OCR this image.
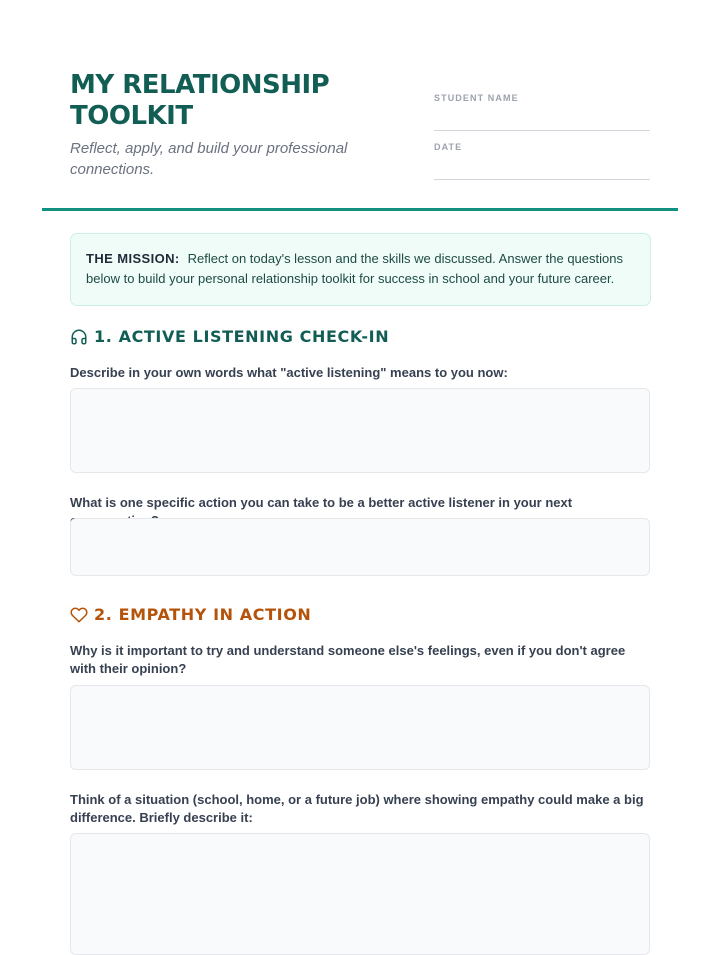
MY RELATIONSHIP TOOLKIT

Reflect, apply, and build your professional connections.

STUDENT NAME
DATE
THE MISSION: Reflect on today's lesson and the skills we discussed. Answer the questions below to build your personal relationship toolkit for success in school and your future career.
1. ACTIVE LISTENING CHECK-IN

Describe in your own words what "active listening" means to you now:

What is one specific action you can take to be a better active listener in your next

2. EMPATHY IN ACTION

Why is it important to try and understand someone else's feelings, even if you don't agree with their opinion?

Think of a situation (school, home, or a future job) where showing empathy could make a big difference. Briefly describe it:
